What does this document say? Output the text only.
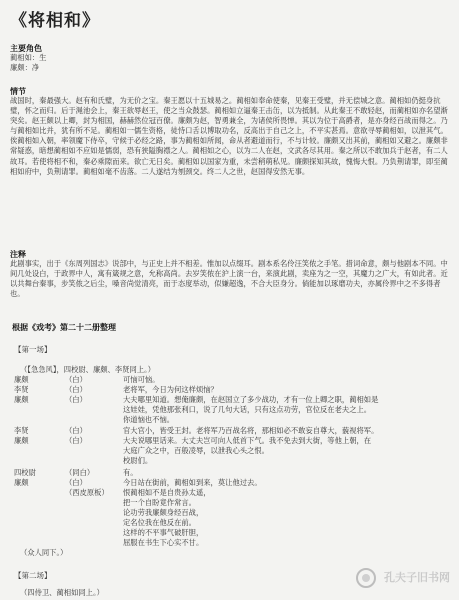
《将相和》
主要角色
蔺相如：生
廉颇：净
情节
战国时，秦最强大。赵有和氏璧，为无价之宝。秦王愿以十五城易之。蔺相如奉命使秦，见秦王受璧，并无偿城之意。蔺相如仍挺身抗璧，怀之而归。后于渑池会上，秦王欲辱赵王，使之当众鼓瑟。蔺相如立逼秦王击缶，以为抵制。从此秦王不敢轻赵，而蔺相如亦名望渐突矣。赵王颇以上卿，封为相国，赫赫然位冠百僚。廉颇为赵，智勇兼全，为诸侯所畏惮。其以为位于高爵者，是亦身经百战而得之。乃与蔺相如比并，犹有所不足。蔺相如一儒生资格，徒恃口舌以博取功名，反高出于自己之上，不平实甚焉。意欲寻辱蔺相如，以泄其气。俟蔺相如入朝，率领魔下侍卒，守候于必经之路，事为蔺相如所闻，命从者避道而行，不与计较。廉颇又出其前，蔺相如又避之。廉颇非常疑惑，暗想蔺相如不应如是懦弱，恐有狭隘胸襟之人。蔺相如之心，以为二人在赵，文武各尽其用。秦之所以不敢加兵于赵者，有二人故耳。若使将相不和，秦必乘隙而来。欲亡无日矣。蔺相如以国家为重，未尝稍萌私见。廉颇探知其故，愧悔大恨。乃负荆请罪，即至蔺相如府中，负荆请罪。蔺相如毫不齿落。二人遂结为刎颈交。终二人之世，赵国得安然无事。
注释
此剧事实，出于《东周列国志》说部中，与正史上并不相差。惟加以点缀耳。剧本系名伶汪笑侬之手笔。措词命意，颇与他剧本不同。中间几处设白，于政界中人，寓有箴规之意，允称高尚。去岁笑侬在沪上演一台，来演此剧，卖座为之一空，其魔力之广大，有如此者。近以共舞台秦事，步笑侬之后尘，嗓音尚觉清亮，而于态度举动，似嫌超逸，不合大臣身分。倘能加以琢磨功夫，亦属伶界中之不多得者也。
根据《戏考》第二十二册整理
【第一场】
（【急急风】，四校尉、廉颇、李贤同上。）
廉颇	（白）	可恼可恼。
李贤	（白）	老将军，今日为何这样烦恼？
廉颇	（白）	大夫哪里知道。想俺廉颇，在赵国立了多少战功，才有一位上卿之职，蔺相如是
这娃娃，凭他那张利口，说了几句大话，只有这点功劳，官位反在老夫之上。
你道恼也不恼。
李贤	（白）	官大官小，皆受王封。老将军乃百战名将，那相如必不敢妄自尊大，藐视将军。
廉颇	（白）	大夫说哪里话来。大丈夫岂可向人低首下气。我不免去到大街，等他上朝，在
大庭广众之中，百般凌辱，以泄我心头之恨。
校尉们。
四校尉	（同白）	有。
廉颇	（白）	今日站在街前，蔺相如到来，莫让他过去。
（西皮原板） 恨蔺相如不是自贵孙太遥，
把一个自盼竟作常言。
论功劳我廉颇身经百战，
定名位我在他反在前。
这样的不平事气破肝胆，
屈服在书生下心实不甘。
（众人同下。）
【第二场】
（四侍卫、蔺相如同上。）
孔夫子旧书网
